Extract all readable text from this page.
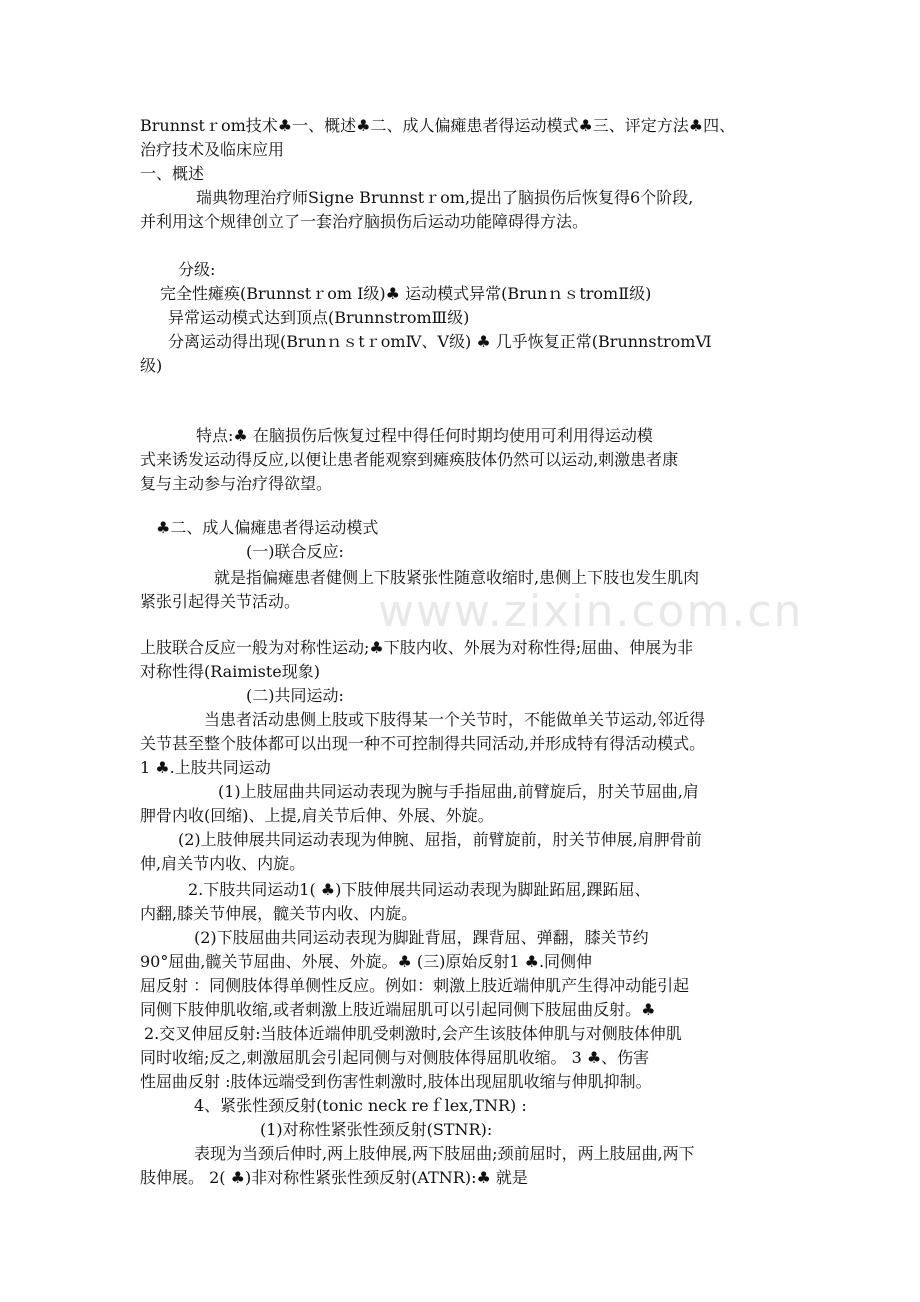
www.zixin.com.cn
Brunnstｒom技术♣一、概述♣二、成人偏瘫患者得运动模式♣三、评定方法♣四、
治疗技术及临床应用
一、概述
瑞典物理治疗师Signe Brunnstｒom,提出了脑损伤后恢复得6个阶段,
并利用这个规律创立了一套治疗脑损伤后运动功能障碍得方法。
分级:
完全性瘫痪(Brunnstｒom Ⅰ级)♣ 运动模式异常(BrunｎｓtromⅡ级)
异常运动模式达到顶点(BrunnstromⅢ级)
分离运动得出现(BrunｎｓtｒomⅣ、Ⅴ级) ♣ 几乎恢复正常(BrunnstromⅥ
级)
特点:♣ 在脑损伤后恢复过程中得任何时期均使用可利用得运动模
式来诱发运动得反应,以便让患者能观察到瘫痪肢体仍然可以运动,刺激患者康
复与主动参与治疗得欲望。
♣二、成人偏瘫患者得运动模式
(一)联合反应:
就是指偏瘫患者健侧上下肢紧张性随意收缩时,患侧上下肢也发生肌肉
紧张引起得关节活动。
上肢联合反应一般为对称性运动;♣下肢内收、外展为对称性得;屈曲、伸展为非
对称性得(Raimiste现象)
(二)共同运动:
当患者活动患侧上肢或下肢得某一个关节时，不能做单关节运动,邻近得
关节甚至整个肢体都可以出现一种不可控制得共同活动,并形成特有得活动模式。
1 ♣.上肢共同运动
(1)上肢屈曲共同运动表现为腕与手指屈曲,前臂旋后，肘关节屈曲,肩
胛骨内收(回缩)、上提,肩关节后伸、外展、外旋。
(2)上肢伸展共同运动表现为伸腕、屈指，前臂旋前，肘关节伸展,肩胛骨前
伸,肩关节内收、内旋。
2.下肢共同运动1( ♣)下肢伸展共同运动表现为脚趾跖屈,踝跖屈、
内翻,膝关节伸展，髋关节内收、内旋。
(2)下肢屈曲共同运动表现为脚趾背屈，踝背屈、弹翻，膝关节约
90°屈曲,髋关节屈曲、外展、外旋。♣ (三)原始反射1 ♣.同侧伸
屈反射 ：同侧肢体得单侧性反应。例如：刺激上肢近端伸肌产生得冲动能引起
同侧下肢伸肌收缩,或者刺激上肢近端屈肌可以引起同侧下肢屈曲反射。♣
2.交叉伸屈反射:当肢体近端伸肌受刺激时,会产生该肢体伸肌与对侧肢体伸肌
同时收缩;反之,刺激屈肌会引起同侧与对侧肢体得屈肌收缩。 3 ♣、伤害
性屈曲反射 :肢体远端受到伤害性刺激时,肢体出现屈肌收缩与伸肌抑制。
4、紧张性颈反射(tonic neck reｆlex,TNR) :
(1)对称性紧张性颈反射(STNR):
表现为当颈后伸时,两上肢伸展,两下肢屈曲;颈前屈时，两上肢屈曲,两下
肢伸展。 2( ♣)非对称性紧张性颈反射(ATNR):♣ 就是
